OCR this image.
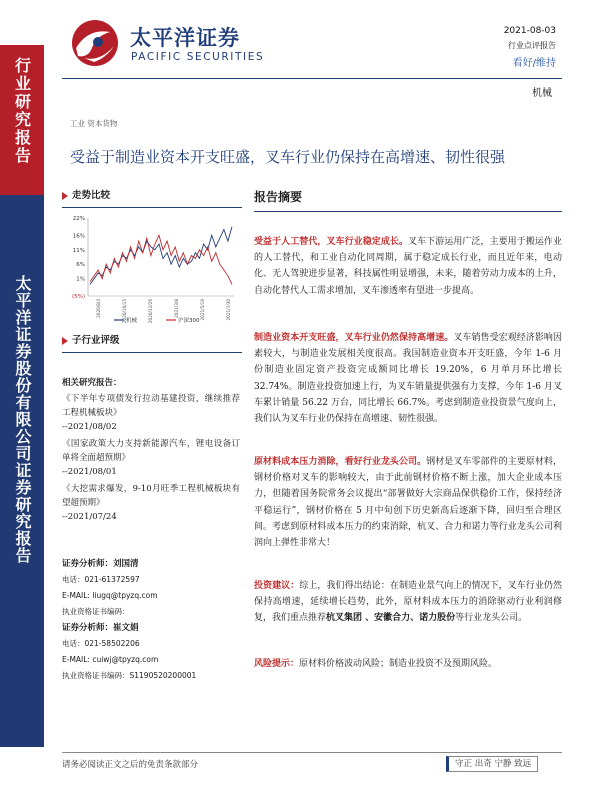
行业研究报告
太平洋证券股份有限公司证券研究报告
太平洋证券
PACIFIC SECURITIES
2021-08-03
行业点评报告
看好/维持
机械
工业 资本货物
受益于制造业资本开支旺盛，叉车行业仍保持在高增速、韧性很强
走势比较
22%
16%
11%
6%
1%
(5%)
2020/8/4	2020/10/15	2020/12/26	2021/3/8	2021/5/19	2021/7/30
机械	沪深300
子行业评级
相关研究报告：
《下半年专项债发行拉动基建投资，继续推荐工程机械板块》
--2021/08/02
《国家政策大力支持新能源汽车，锂电设备订单将全面超预期》
--2021/08/01
《大挖需求爆发，9-10月旺季工程机械板块有望超预期》
--2021/07/24
证券分析师：刘国清
电话：021-61372597
E-MAIL: liugq@tpyzq.com
执业资格证书编码：
证券分析师：崔文娟
电话：021-58502206
E-MAIL: cuiwj@tpyzq.com
执业资格证书编码：S1190520200001
报告摘要
受益于人工替代，叉车行业稳定成长。叉车下游运用广泛，主要用于搬运作业的人工替代，和工业自动化同周期，属于稳定成长行业，而且近年来，电动化、无人驾驶进步显著，科技属性明显增强，未来，随着劳动力成本的上升，自动化替代人工需求增加，叉车渗透率有望进一步提高。
制造业资本开支旺盛，叉车行业仍然保持高增速。叉车销售受宏观经济影响因素较大，与制造业发展相关度很高。我国制造业资本开支旺盛，今年 1-6 月份制造业固定资产投资完成额同比增长 19.20%，6 月单月环比增长 32.74%。制造业投资加速上行，为叉车销量提供强有力支撑，今年 1-6 月叉车累计销量 56.22 万台，同比增长 66.7%。考虑到制造业投资景气度向上，我们认为叉车行业仍保持在高增速、韧性很强。
原材料成本压力消除，看好行业龙头公司。钢材是叉车零部件的主要原材料，钢材价格对叉车的影响较大，由于此前钢材价格不断上涨，加大企业成本压力，但随着国务院常务会议提出“部署做好大宗商品保供稳价工作，保持经济平稳运行”，钢材价格在 5 月中旬创下历史新高后逐渐下降，回归至合理区间。考虑到原材料成本压力的约束消除，杭叉、合力和诺力等行业龙头公司利润向上弹性非常大！
投资建议：综上，我们得出结论：在制造业景气向上的情况下，叉车行业仍然保持高增速，延续增长趋势，此外，原材料成本压力的消除驱动行业利润修复，我们重点推荐杭叉集团 、安徽合力、诺力股份等行业龙头公司。
风险提示：原材料价格波动风险；制造业投资不及预期风险。
请务必阅读正文之后的免责条款部分	守正 出奇 宁静 致远
